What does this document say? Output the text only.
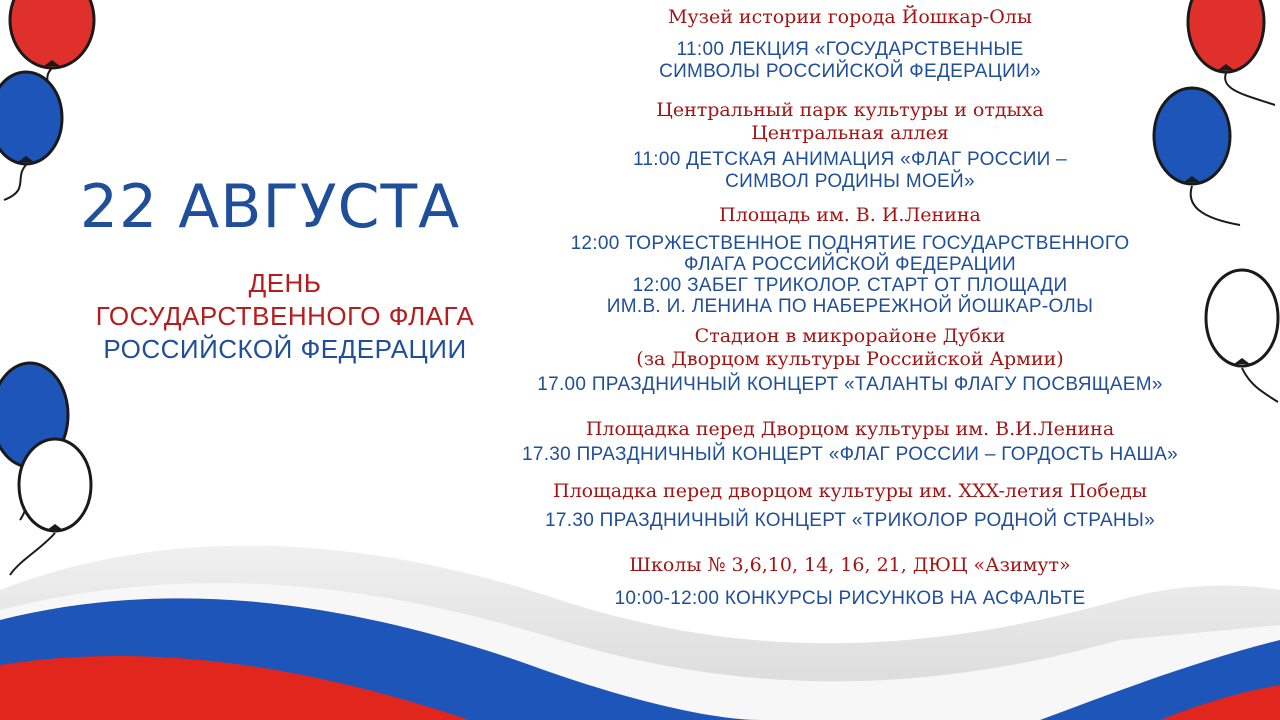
22 АВГУСТА
ДЕНЬ
ГОСУДАРСТВЕННОГО ФЛАГА
РОССИЙСКОЙ ФЕДЕРАЦИИ
Музей истории города Йошкар-Олы
11:00 ЛЕКЦИЯ «ГОСУДАРСТВЕННЫЕ
СИМВОЛЫ РОССИЙСКОЙ ФЕДЕРАЦИИ»
Центральный парк культуры и отдыха
Центральная аллея
11:00 ДЕТСКАЯ АНИМАЦИЯ «ФЛАГ РОССИИ –
СИМВОЛ РОДИНЫ МОЕЙ»
Площадь им. В. И.Ленина
12:00 ТОРЖЕСТВЕННОЕ ПОДНЯТИЕ ГОСУДАРСТВЕННОГО
ФЛАГА РОССИЙСКОЙ ФЕДЕРАЦИИ
12:00 ЗАБЕГ ТРИКОЛОР. СТАРТ ОТ ПЛОЩАДИ
ИМ.В. И. ЛЕНИНА ПО НАБЕРЕЖНОЙ ЙОШКАР-ОЛЫ
Стадион в микрорайоне Дубки
(за Дворцом культуры Российской Армии)
17.00 ПРАЗДНИЧНЫЙ КОНЦЕРТ «ТАЛАНТЫ ФЛАГУ ПОСВЯЩАЕМ»
Площадка перед Дворцом культуры им. В.И.Ленина
17.30 ПРАЗДНИЧНЫЙ КОНЦЕРТ «ФЛАГ РОССИИ – ГОРДОСТЬ НАША»
Площадка перед дворцом культуры им. XXX-летия Победы
17.30 ПРАЗДНИЧНЫЙ КОНЦЕРТ «ТРИКОЛОР РОДНОЙ СТРАНЫ»
Школы № 3,6,10, 14, 16, 21, ДЮЦ «Азимут»
10:00-12:00 КОНКУРСЫ РИСУНКОВ НА АСФАЛЬТЕ
